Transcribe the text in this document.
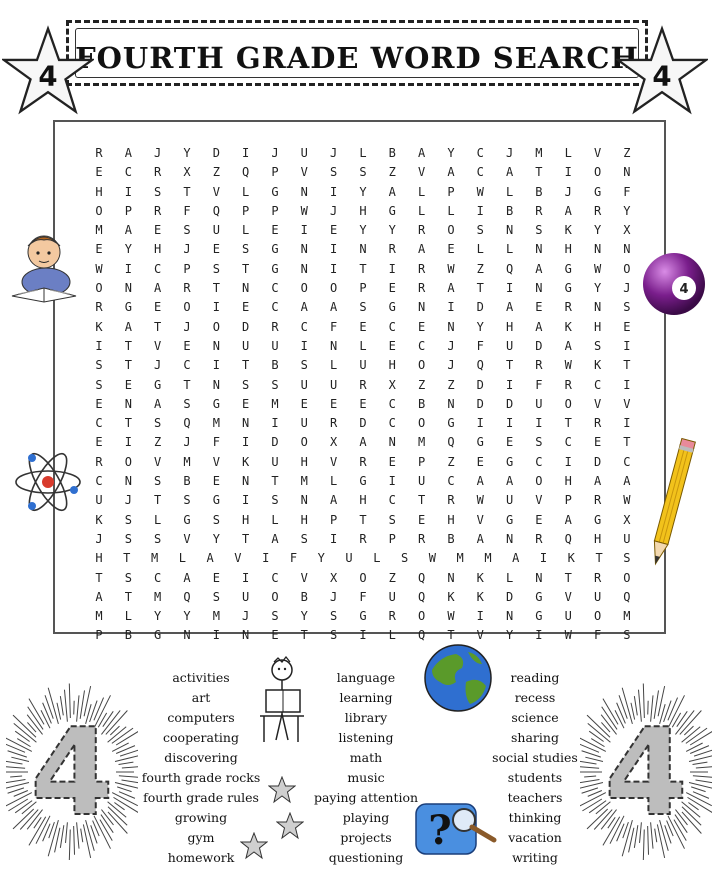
FOURTH GRADE WORD SEARCH
4	4
R	A	J	Y	D	I	J	U	J	L	B	A	Y	C	J	M	L	V	Z
E	C	R	X	Z	Q	P	V	S	S	Z	V	A	C	A	T	I	O	N
H	I	S	T	V	L	G	N	I	Y	A	L	P	W	L	B	J	G	F
O	P	R	F	Q	P	P	W	J	H	G	L	L	I	B	R	A	R	Y
M	A	E	S	U	L	E	I	E	Y	Y	R	O	S	N	S	K	Y	X
E	Y	H	J	E	S	G	N	I	N	R	A	E	L	L	N	H	N	N
W	I	C	P	S	T	G	N	I	T	I	R	W	Z	Q	A	G	W	O
O	N	A	R	T	N	C	O	O	P	E	R	A	T	I	N	G	Y	J
R	G	E	O	I	E	C	A	A	S	G	N	I	D	A	E	R	N	S
K	A	T	J	O	D	R	C	F	E	C	E	N	Y	H	A	K	H	E
I	T	V	E	N	U	U	I	N	L	E	C	J	F	U	D	A	S	I
S	T	J	C	I	T	B	S	L	U	H	O	J	Q	T	R	W	K	T
S	E	G	T	N	S	S	U	U	R	X	Z	Z	D	I	F	R	C	I
E	N	A	S	G	E	M	E	E	E	C	B	N	D	D	U	O	V	V
C	T	S	Q	M	N	I	U	R	D	C	O	G	I	I	I	T	R	I
E	I	Z	J	F	I	D	O	X	A	N	M	Q	G	E	S	C	E	T
R	O	V	M	V	K	U	H	V	R	E	P	Z	E	G	C	I	D	C
C	N	S	B	E	N	T	M	L	G	I	U	C	A	A	O	H	A	A
U	J	T	S	G	I	S	N	A	H	C	T	R	W	U	V	P	R	W
K	S	L	G	S	H	L	H	P	T	S	E	H	V	G	E	A	G	X
J	S	S	V	Y	T	A	S	I	R	P	R	B	A	N	R	Q	H	U
H	T	M	L	A	V	I	F	Y	U	L	S	W	M	M	A	I	K	T	S
T	S	C	A	E	I	C	V	X	O	Z	Q	N	K	L	N	T	R	O
A	T	M	Q	S	U	O	B	J	F	U	Q	K	K	D	G	V	U	Q
M	L	Y	Y	M	J	S	Y	S	G	R	O	W	I	N	G	U	O	M
P	B	G	N	I	N	E	T	S	I	L	Q	T	V	Y	I	W	F	S
4
4	4
?
activities
art
computers
cooperating
discovering
fourth grade rocks
fourth grade rules
growing
gym
homework
language
learning
library
listening
math
music
paying attention
playing
projects
questioning
reading
recess
science
sharing
social studies
students
teachers
thinking
vacation
writing
